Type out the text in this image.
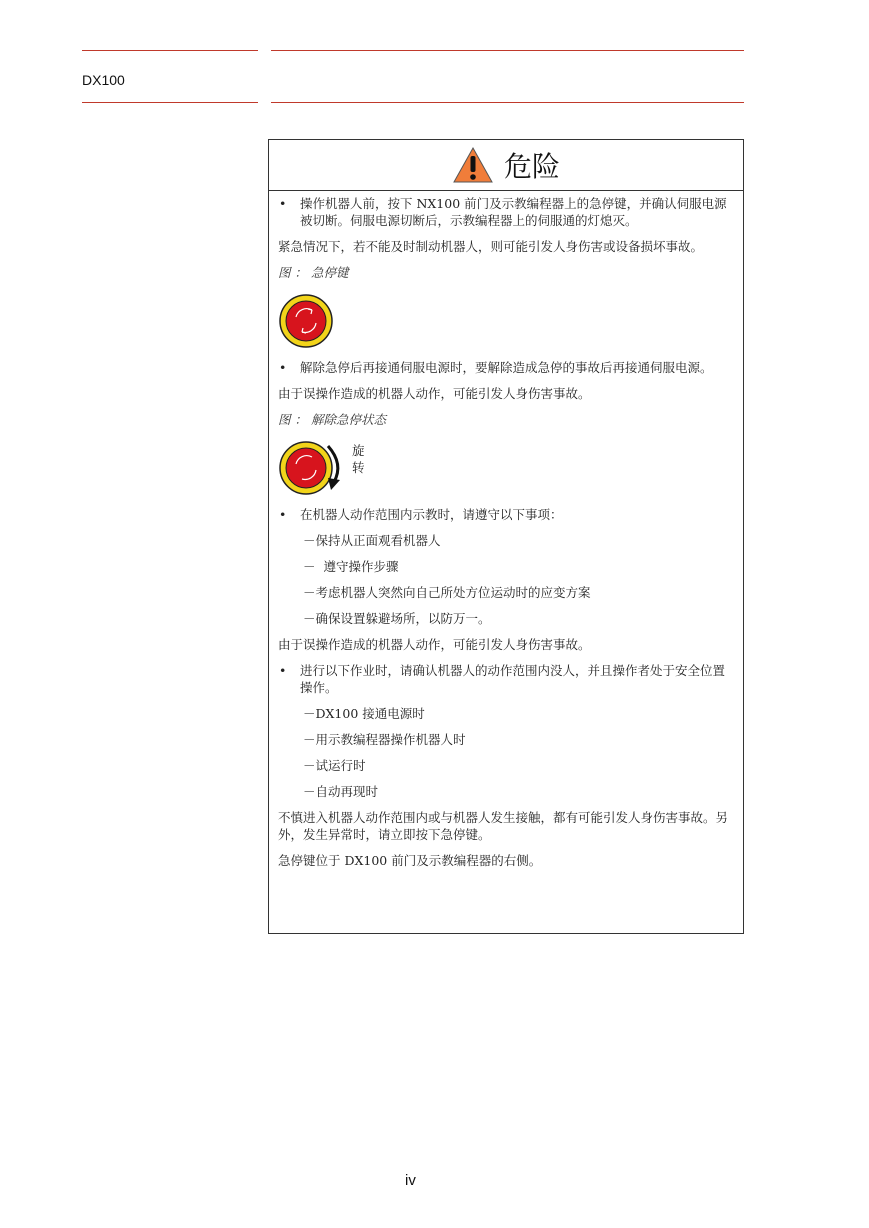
DX100
危险
• 操作机器人前，按下 NX100 前门及示教编程器上的急停键，并确认伺服电源被切断。伺服电源切断后，示教编程器上的伺服通的灯熄灭。
紧急情况下，若不能及时制动机器人，则可能引发人身伤害或设备损坏事故。
图 ： 急停键
• 解除急停后再接通伺服电源时，要解除造成急停的事故后再接通伺服电源。
由于误操作造成的机器人动作，可能引发人身伤害事故。
图 ： 解除急停状态
旋
转
• 在机器人动作范围内示教时，请遵守以下事项：
－保持从正面观看机器人
－  遵守操作步骤
－考虑机器人突然向自己所处方位运动时的应变方案
－确保设置躲避场所，以防万一。
由于误操作造成的机器人动作，可能引发人身伤害事故。
• 进行以下作业时，请确认机器人的动作范围内没人，并且操作者处于安全位置操作。
－DX100 接通电源时
－用示教编程器操作机器人时
－试运行时
－自动再现时
不慎进入机器人动作范围内或与机器人发生接触，都有可能引发人身伤害事故。另外，发生异常时，请立即按下急停键。
急停键位于 DX100 前门及示教编程器的右侧。
iv
